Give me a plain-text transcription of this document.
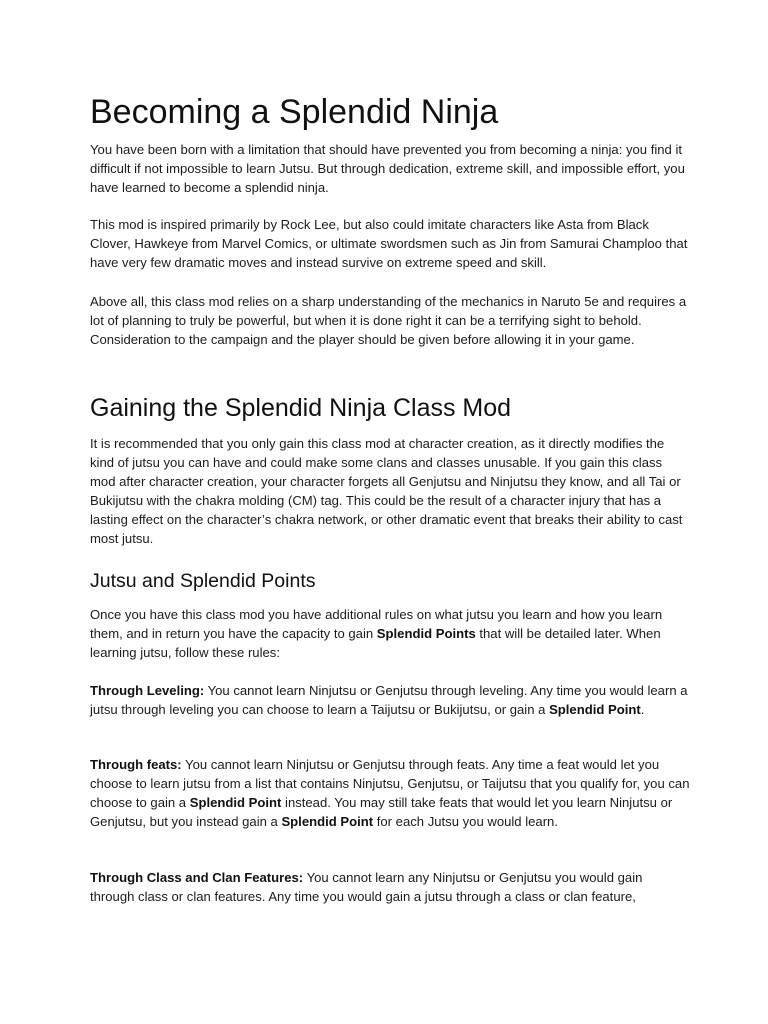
Becoming a Splendid Ninja

You have been born with a limitation that should have prevented you from becoming a ninja: you find it difficult if not impossible to learn Jutsu. But through dedication, extreme skill, and impossible effort, you have learned to become a splendid ninja.

This mod is inspired primarily by Rock Lee, but also could imitate characters like Asta from Black Clover, Hawkeye from Marvel Comics, or ultimate swordsmen such as Jin from Samurai Champloo that have very few dramatic moves and instead survive on extreme speed and skill.

Above all, this class mod relies on a sharp understanding of the mechanics in Naruto 5e and requires a lot of planning to truly be powerful, but when it is done right it can be a terrifying sight to behold. Consideration to the campaign and the player should be given before allowing it in your game.

Gaining the Splendid Ninja Class Mod

It is recommended that you only gain this class mod at character creation, as it directly modifies the kind of jutsu you can have and could make some clans and classes unusable. If you gain this class mod after character creation, your character forgets all Genjutsu and Ninjutsu they know, and all Tai or Bukijutsu with the chakra molding (CM) tag. This could be the result of a character injury that has a lasting effect on the character’s chakra network, or other dramatic event that breaks their ability to cast most jutsu.

Jutsu and Splendid Points

Once you have this class mod you have additional rules on what jutsu you learn and how you learn them, and in return you have the capacity to gain Splendid Points that will be detailed later. When learning jutsu, follow these rules:

Through Leveling: You cannot learn Ninjutsu or Genjutsu through leveling. Any time you would learn a jutsu through leveling you can choose to learn a Taijutsu or Bukijutsu, or gain a Splendid Point.

Through feats: You cannot learn Ninjutsu or Genjutsu through feats. Any time a feat would let you choose to learn jutsu from a list that contains Ninjutsu, Genjutsu, or Taijutsu that you qualify for, you can choose to gain a Splendid Point instead. You may still take feats that would let you learn Ninjutsu or Genjutsu, but you instead gain a Splendid Point for each Jutsu you would learn.

Through Class and Clan Features: You cannot learn any Ninjutsu or Genjutsu you would gain through class or clan features. Any time you would gain a jutsu through a class or clan feature,
